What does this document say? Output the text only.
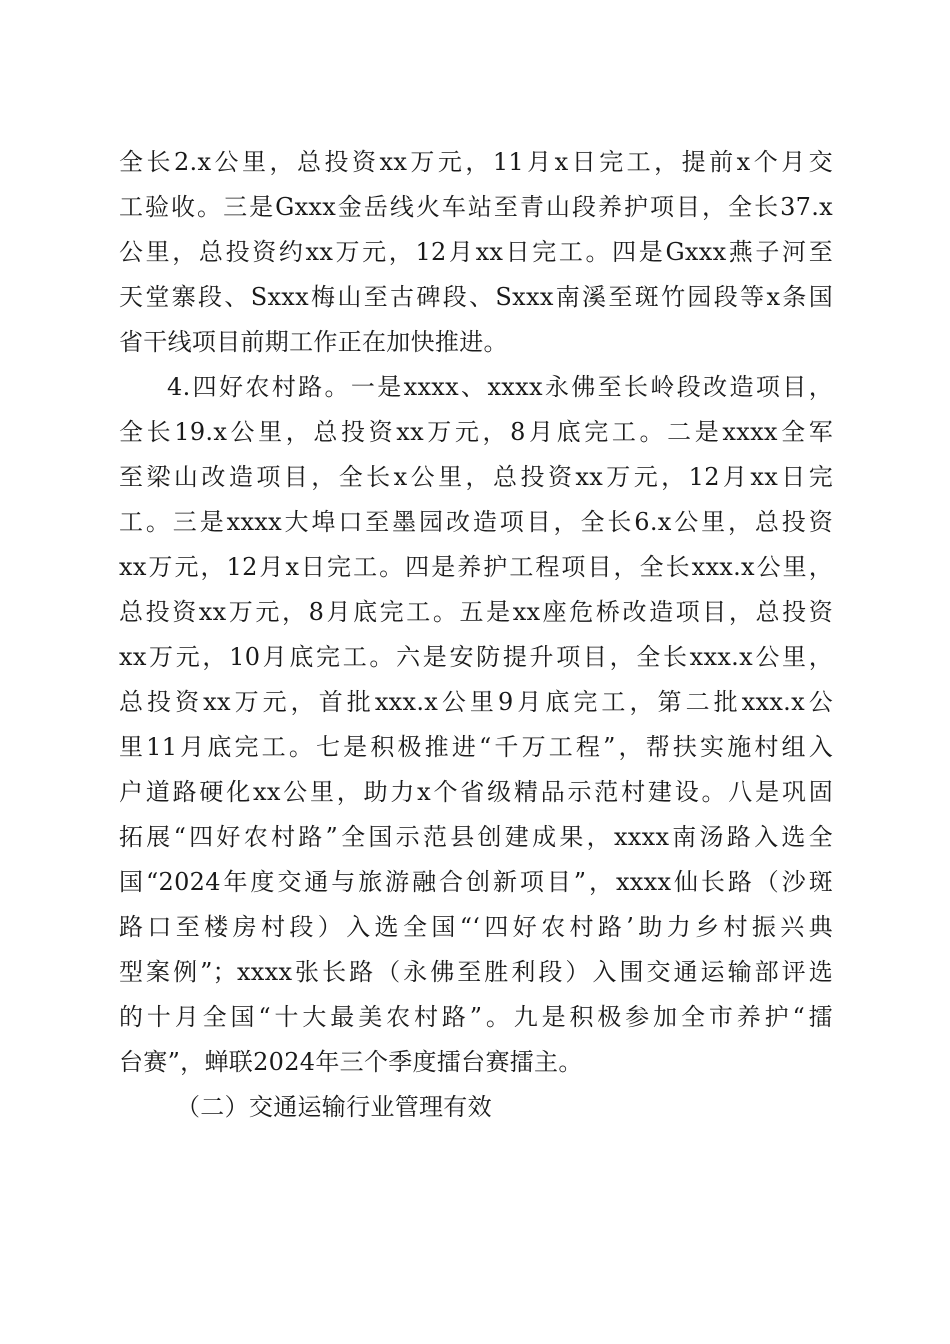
全长2.x公里，总投资xx万元，11月x日完工，提前x个月交

工验收。三是Gxxx金岳线火车站至青山段养护项目，全长37.x

公里，总投资约xx万元，12月xx日完工。四是Gxxx燕子河至

天堂寨段、Sxxx梅山至古碑段、Sxxx南溪至斑竹园段等x条国

省干线项目前期工作正在加快推进。

4.四好农村路。一是xxxx、xxxx永佛至长岭段改造项目，

全长19.x公里，总投资xx万元，8月底完工。二是xxxx全军

至梁山改造项目，全长x公里，总投资xx万元，12月xx日完

工。三是xxxx大埠口至墨园改造项目，全长6.x公里，总投资

xx万元，12月x日完工。四是养护工程项目，全长xxx.x公里，

总投资xx万元，8月底完工。五是xx座危桥改造项目，总投资

xx万元，10月底完工。六是安防提升项目，全长xxx.x公里，

总投资xx万元，首批xxx.x公里9月底完工，第二批xxx.x公

里11月底完工。七是积极推进“千万工程”，帮扶实施村组入

户道路硬化xx公里，助力x个省级精品示范村建设。八是巩固

拓展“四好农村路”全国示范县创建成果，xxxx南汤路入选全

国“2024年度交通与旅游融合创新项目”，xxxx仙长路（沙斑

路口至楼房村段）入选全国“‘四好农村路’助力乡村振兴典

型案例”；xxxx张长路（永佛至胜利段）入围交通运输部评选

的十月全国“十大最美农村路”。九是积极参加全市养护“擂

台赛”，蝉联2024年三个季度擂台赛擂主。

（二）交通运输行业管理有效
